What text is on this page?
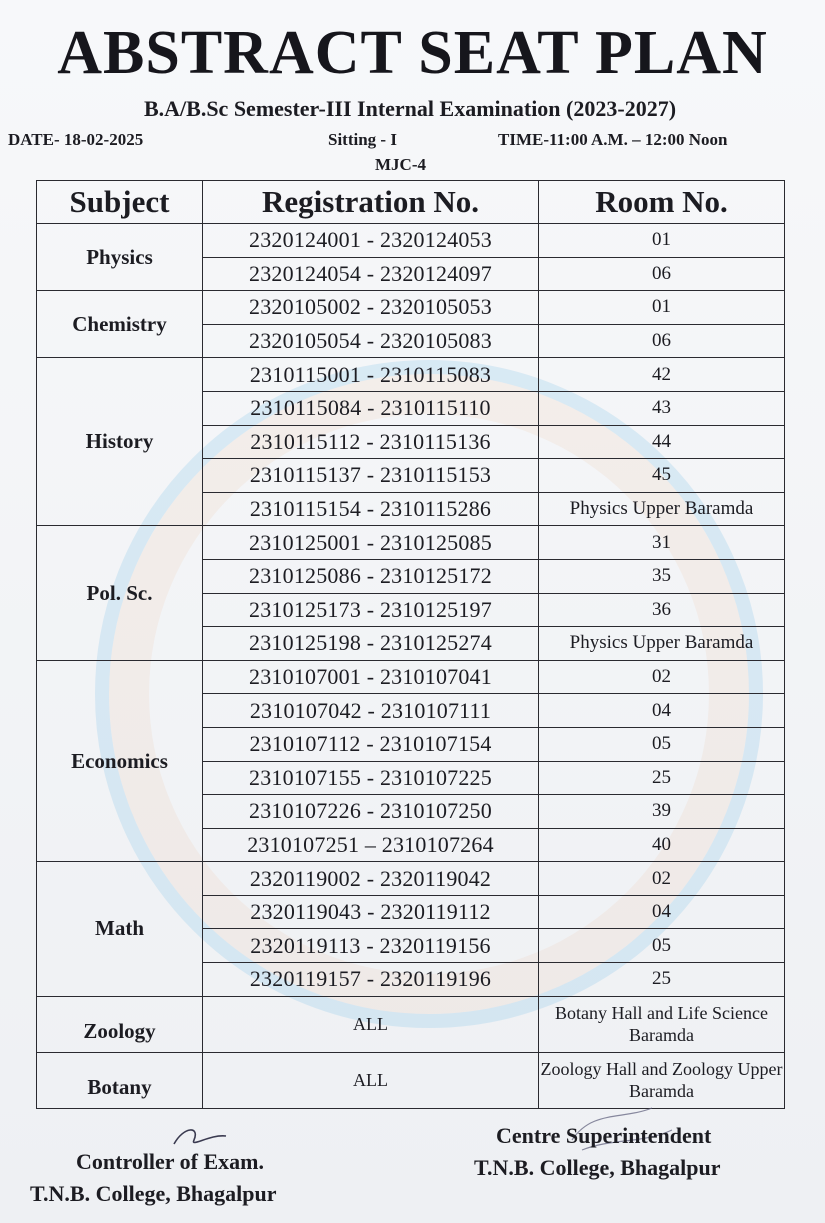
ABSTRACT SEAT PLAN
B.A/B.Sc Semester-III Internal Examination (2023-2027)
DATE- 18-02-2025	Sitting - I	TIME-11:00 A.M. – 12:00 Noon
MJC-4
Subject	Registration No.	Room No.
Physics	2320124001 - 2320124053	01
	2320124054 - 2320124097	06
Chemistry	2320105002 - 2320105053	01
	2320105054 - 2320105083	06
History	2310115001 - 2310115083	42
	2310115084 - 2310115110	43
	2310115112 - 2310115136	44
	2310115137 - 2310115153	45
	2310115154 - 2310115286	Physics Upper Baramda
Pol. Sc.	2310125001 - 2310125085	31
	2310125086 - 2310125172	35
	2310125173 - 2310125197	36
	2310125198 - 2310125274	Physics Upper Baramda
Economics	2310107001 - 2310107041	02
	2310107042 - 2310107111	04
	2310107112 - 2310107154	05
	2310107155 - 2310107225	25
	2310107226 - 2310107250	39
	2310107251 – 2310107264	40
Math	2320119002 - 2320119042	02
	2320119043 - 2320119112	04
	2320119113 - 2320119156	05
	2320119157 - 2320119196	25
Zoology	ALL	Botany Hall and Life Science Baramda
Botany	ALL	Zoology Hall and Zoology Upper Baramda
Controller of Exam.
T.N.B. College, Bhagalpur
Centre Superintendent
T.N.B. College, Bhagalpur
